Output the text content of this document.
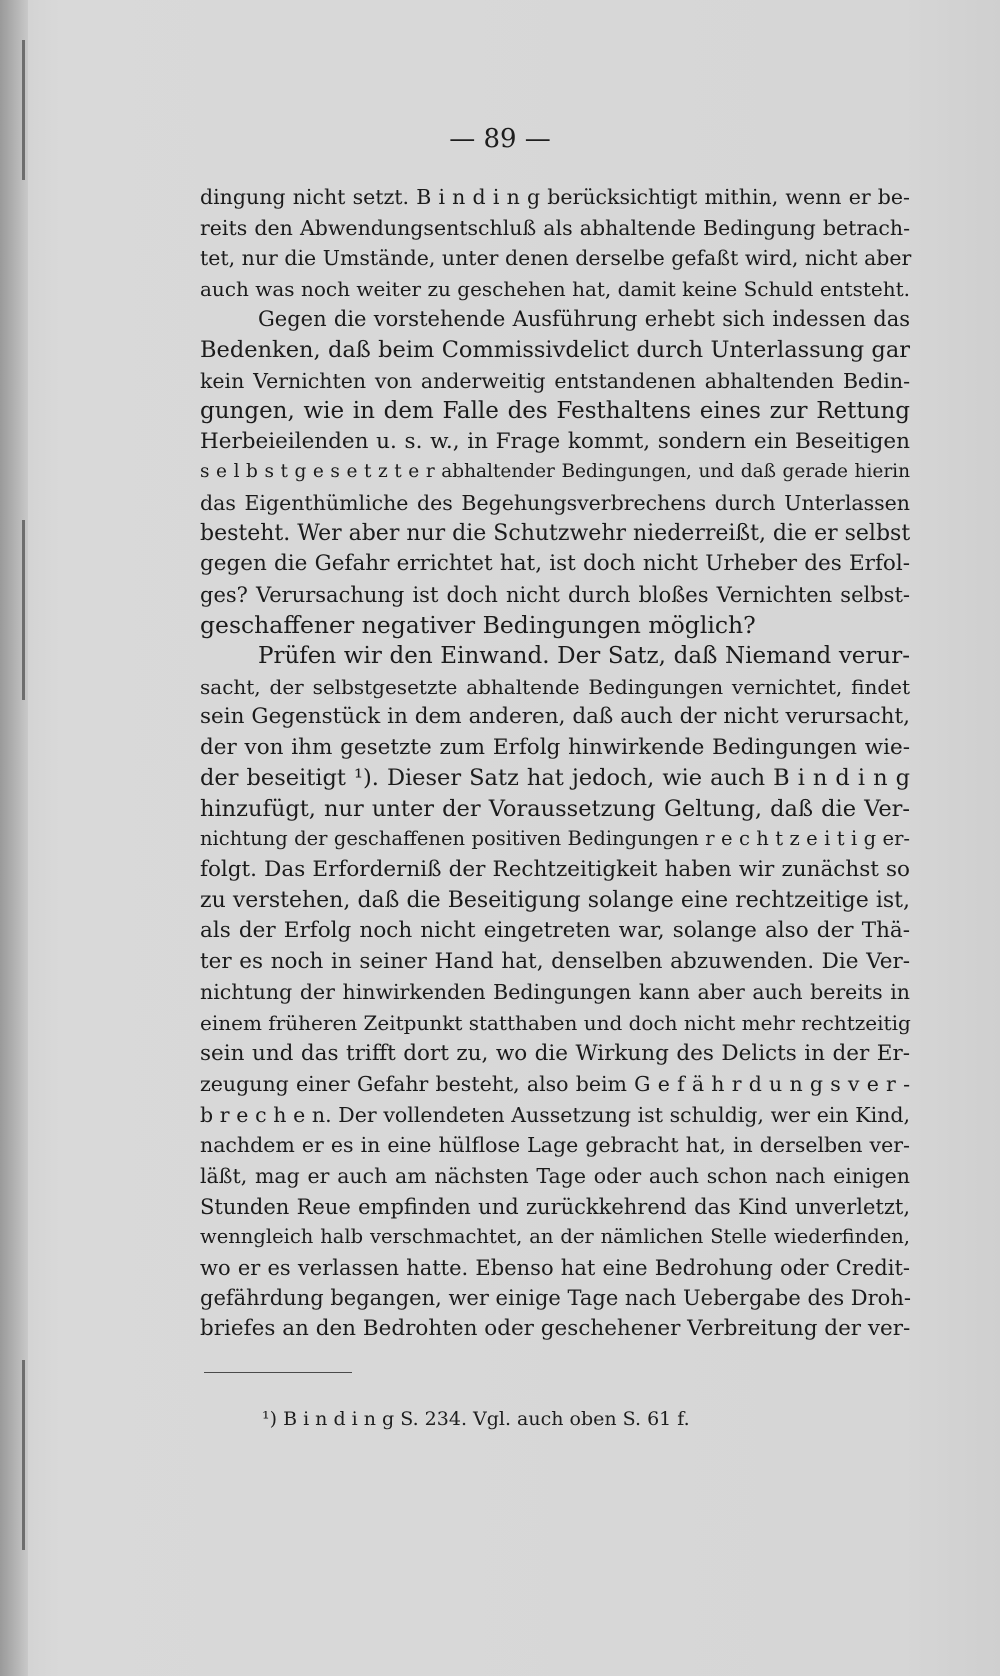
— 89 —
dingung nicht setzt. B i n d i n g berücksichtigt mithin, wenn er be-
reits den Abwendungsentschluß als abhaltende Bedingung betrach-
tet, nur die Umstände, unter denen derselbe gefaßt wird, nicht aber
auch was noch weiter zu geschehen hat, damit keine Schuld entsteht.
Gegen die vorstehende Ausführung erhebt sich indessen das
Bedenken, daß beim Commissivdelict durch Unterlassung gar
kein Vernichten von anderweitig entstandenen abhaltenden Bedin-
gungen, wie in dem Falle des Festhaltens eines zur Rettung
Herbeieilenden u. s. w., in Frage kommt, sondern ein Beseitigen
s e l b s t g e s e t z t e r abhaltender Bedingungen, und daß gerade hierin
das Eigenthümliche des Begehungsverbrechens durch Unterlassen
besteht. Wer aber nur die Schutzwehr niederreißt, die er selbst
gegen die Gefahr errichtet hat, ist doch nicht Urheber des Erfol-
ges? Verursachung ist doch nicht durch bloßes Vernichten selbst-
geschaffener negativer Bedingungen möglich?
Prüfen wir den Einwand. Der Satz, daß Niemand verur-
sacht, der selbstgesetzte abhaltende Bedingungen vernichtet, findet
sein Gegenstück in dem anderen, daß auch der nicht verursacht,
der von ihm gesetzte zum Erfolg hinwirkende Bedingungen wie-
der beseitigt ¹). Dieser Satz hat jedoch, wie auch B i n d i n g
hinzufügt, nur unter der Voraussetzung Geltung, daß die Ver-
nichtung der geschaffenen positiven Bedingungen r e c h t z e i t i g er-
folgt. Das Erforderniß der Rechtzeitigkeit haben wir zunächst so
zu verstehen, daß die Beseitigung solange eine rechtzeitige ist,
als der Erfolg noch nicht eingetreten war, solange also der Thä-
ter es noch in seiner Hand hat, denselben abzuwenden. Die Ver-
nichtung der hinwirkenden Bedingungen kann aber auch bereits in
einem früheren Zeitpunkt statthaben und doch nicht mehr rechtzeitig
sein und das trifft dort zu, wo die Wirkung des Delicts in der Er-
zeugung einer Gefahr besteht, also beim G e f ä h r d u n g s v e r -
b r e c h e n. Der vollendeten Aussetzung ist schuldig, wer ein Kind,
nachdem er es in eine hülflose Lage gebracht hat, in derselben ver-
läßt, mag er auch am nächsten Tage oder auch schon nach einigen
Stunden Reue empfinden und zurückkehrend das Kind unverletzt,
wenngleich halb verschmachtet, an der nämlichen Stelle wiederfinden,
wo er es verlassen hatte. Ebenso hat eine Bedrohung oder Credit-
gefährdung begangen, wer einige Tage nach Uebergabe des Droh-
briefes an den Bedrohten oder geschehener Verbreitung der ver-
¹) B i n d i n g S. 234. Vgl. auch oben S. 61 f.
